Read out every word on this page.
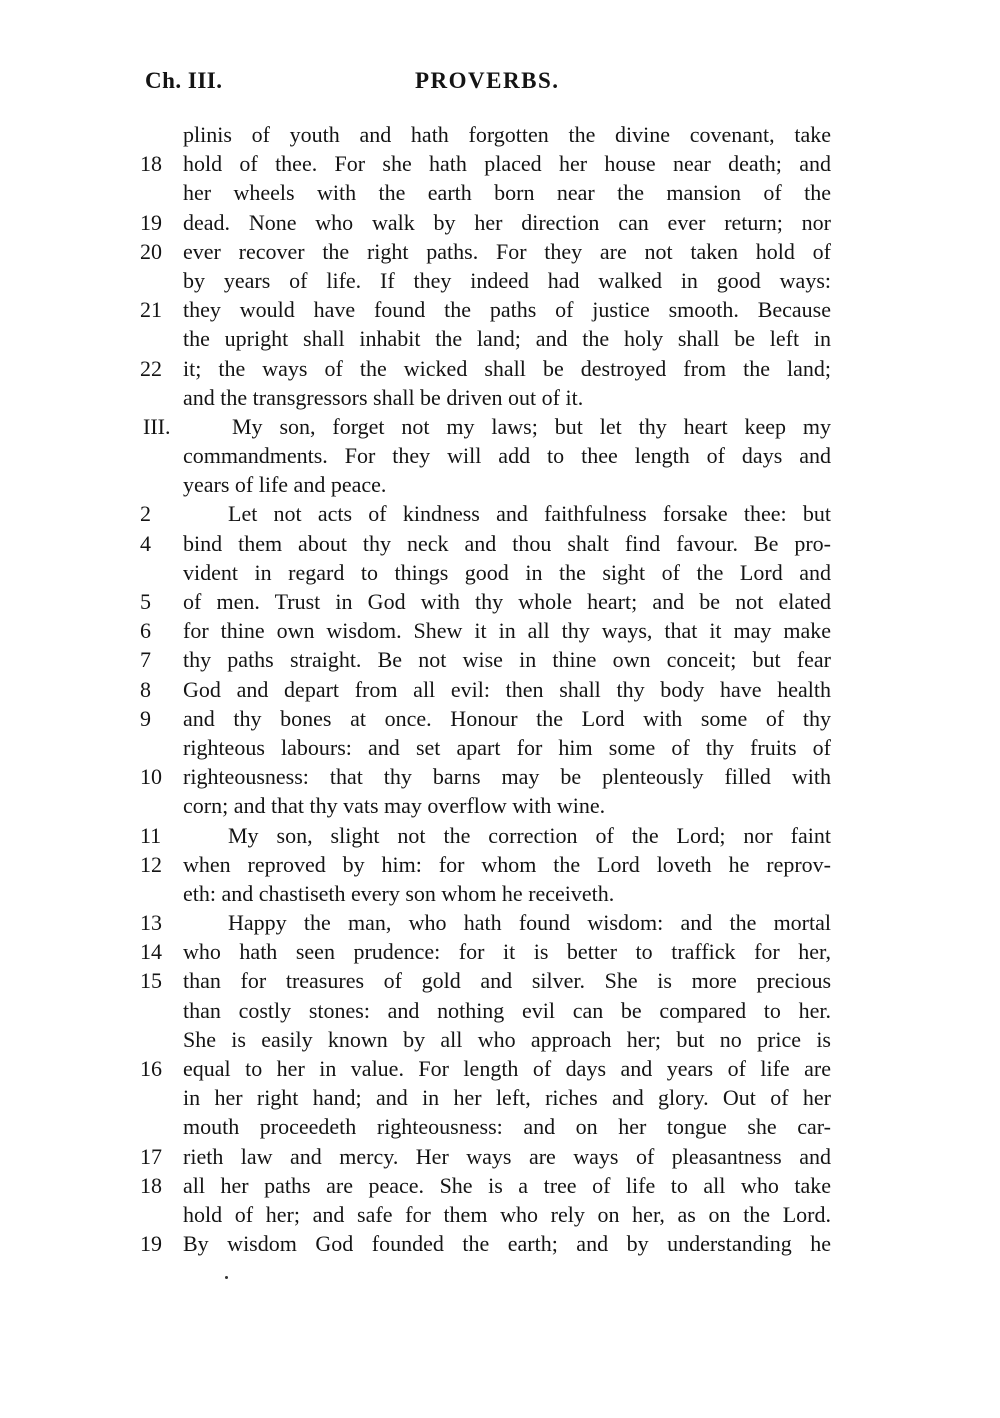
Ch. III.	PROVERBS.
plinis of youth and hath forgotten the divine covenant, take
18 hold of thee. For she hath placed her house near death; and
her wheels with the earth born near the mansion of the
19 dead. None who walk by her direction can ever return; nor
20 ever recover the right paths. For they are not taken hold of
by years of life. If they indeed had walked in good ways:
21 they would have found the paths of justice smooth. Because
the upright shall inhabit the land; and the holy shall be left in
22 it; the ways of the wicked shall be destroyed from the land;
and the transgressors shall be driven out of it.
III.	My son, forget not my laws; but let thy heart keep my
commandments. For they will add to thee length of days and
years of life and peace.
2	Let not acts of kindness and faithfulness forsake thee: but
4	bind them about thy neck and thou shalt find favour. Be pro-
vident in regard to things good in the sight of the Lord and
5	of men. Trust in God with thy whole heart; and be not elated
6	for thine own wisdom. Shew it in all thy ways, that it may make
7	thy paths straight. Be not wise in thine own conceit; but fear
8	God and depart from all evil: then shall thy body have health
9	and thy bones at once. Honour the Lord with some of thy
righteous labours: and set apart for him some of thy fruits of
10 righteousness: that thy barns may be plenteously filled with
corn; and that thy vats may overflow with wine.
11	My son, slight not the correction of the Lord; nor faint
12 when reproved by him: for whom the Lord loveth he reprov-
eth: and chastiseth every son whom he receiveth.
13	Happy the man, who hath found wisdom: and the mortal
14 who hath seen prudence: for it is better to traffick for her,
15 than for treasures of gold and silver. She is more precious
than costly stones: and nothing evil can be compared to her.
She is easily known by all who approach her; but no price is
16 equal to her in value. For length of days and years of life are
in her right hand; and in her left, riches and glory. Out of her
mouth proceedeth righteousness: and on her tongue she car-
17 rieth law and mercy. Her ways are ways of pleasantness and
18 all her paths are peace. She is a tree of life to all who take
hold of her; and safe for them who rely on her, as on the Lord.
19 By wisdom God founded the earth; and by understanding he
